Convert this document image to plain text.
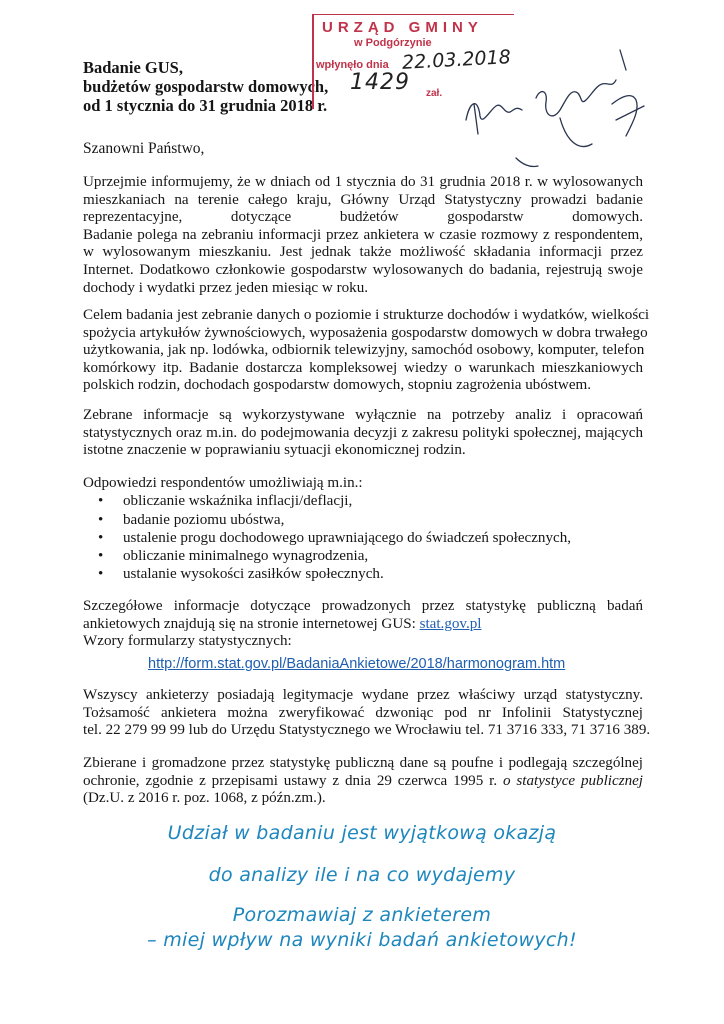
Badanie GUS,
budżetów gospodarstw domowych,
od 1 stycznia do 31 grudnia 2018 r.
URZĄD GMINY
w Podgórzynie
wpłynęło dnia 22.03.2018
1429 zał.
Szanowni Państwo,
Uprzejmie informujemy, że w dniach od 1 stycznia do 31 grudnia 2018 r. w wylosowanych
mieszkaniach na terenie całego kraju, Główny Urząd Statystyczny prowadzi badanie
reprezentacyjne, dotyczące budżetów gospodarstw domowych.
Badanie polega na zebraniu informacji przez ankietera w czasie rozmowy z respondentem,
w wylosowanym mieszkaniu. Jest jednak także możliwość składania informacji przez
Internet. Dodatkowo członkowie gospodarstw wylosowanych do badania, rejestrują swoje
dochody i wydatki przez jeden miesiąc w roku.
Celem badania jest zebranie danych o poziomie i strukturze dochodów i wydatków, wielkości
spożycia artykułów żywnościowych, wyposażenia gospodarstw domowych w dobra trwałego
użytkowania, jak np. lodówka, odbiornik telewizyjny, samochód osobowy, komputer, telefon
komórkowy itp. Badanie dostarcza kompleksowej wiedzy o warunkach mieszkaniowych
polskich rodzin, dochodach gospodarstw domowych, stopniu zagrożenia ubóstwem.
Zebrane informacje są wykorzystywane wyłącznie na potrzeby analiz i opracowań
statystycznych oraz m.in. do podejmowania decyzji z zakresu polityki społecznej, mających
istotne znaczenie w poprawianiu sytuacji ekonomicznej rodzin.
Odpowiedzi respondentów umożliwiają m.in.:
• obliczanie wskaźnika inflacji/deflacji,
• badanie poziomu ubóstwa,
• ustalenie progu dochodowego uprawniającego do świadczeń społecznych,
• obliczanie minimalnego wynagrodzenia,
• ustalanie wysokości zasiłków społecznych.
Szczegółowe informacje dotyczące prowadzonych przez statystykę publiczną badań
ankietowych znajdują się na stronie internetowej GUS: stat.gov.pl
Wzory formularzy statystycznych:
http://form.stat.gov.pl/BadaniaAnkietowe/2018/harmonogram.htm
Wszyscy ankieterzy posiadają legitymacje wydane przez właściwy urząd statystyczny.
Tożsamość ankietera można zweryfikować dzwoniąc pod nr Infolinii Statystycznej
tel. 22 279 99 99 lub do Urzędu Statystycznego we Wrocławiu tel. 71 3716 333, 71 3716 389.
Zbierane i gromadzone przez statystykę publiczną dane są poufne i podlegają szczególnej
ochronie, zgodnie z przepisami ustawy z dnia 29 czerwca 1995 r. o statystyce publicznej
(Dz.U. z 2016 r. poz. 1068, z późn.zm.).
Udział w badaniu jest wyjątkową okazją
do analizy ile i na co wydajemy
Porozmawiaj z ankieterem
– miej wpływ na wyniki badań ankietowych!
